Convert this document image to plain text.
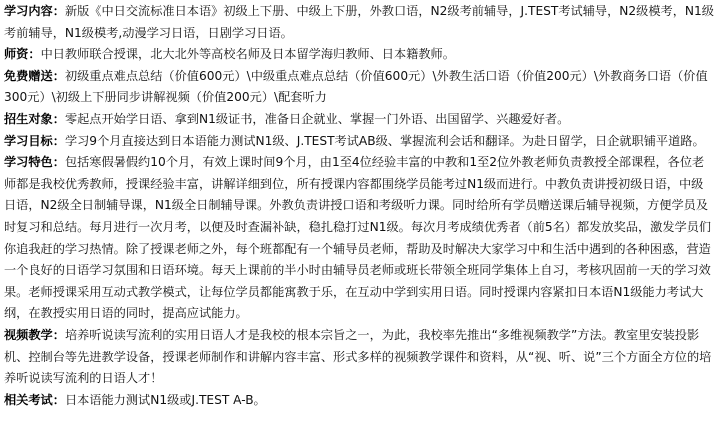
学习内容：新版《中日交流标准日本语》初级上下册、中级上下册，外教口语，N2级考前辅导，J.TEST考试辅导，N2级模考，N1级考前辅导，N1级模考,动漫学习日语，日剧学习日语。

师资：中日教师联合授课，北大北外等高校名师及日本留学海归教师、日本籍教师。

免费赠送：初级重点难点总结（价值600元）\中级重点难点总结（价值600元）\外教生活口语（价值200元）\外教商务口语（价值300元）\初级上下册同步讲解视频（价值200元）\配套听力

招生对象：零起点开始学日语、拿到N1级证书，准备日企就业、掌握一门外语、出国留学、兴趣爱好者。

学习目标：学习9个月直接达到日本语能力测试N1级、J.TEST考试AB级、掌握流利会话和翻译。为赴日留学，日企就职铺平道路。

学习特色：包括寒假暑假约10个月，有效上课时间9个月，由1至4位经验丰富的中教和1至2位外教老师负责教授全部课程，各位老师都是我校优秀教师，授课经验丰富，讲解详细到位，所有授课内容都围绕学员能考过N1级而进行。中教负责讲授初级日语，中级日语，N2级全日制辅导课，N1级全日制辅导课。外教负责讲授口语和考级听力课。同时给所有学员赠送课后辅导视频，方便学员及时复习和总结。每月进行一次月考，以便及时查漏补缺，稳扎稳打过N1级。每次月考成绩优秀者（前5名）都发放奖品，激发学员们你追我赶的学习热情。除了授课老师之外，每个班都配有一个辅导员老师，帮助及时解决大家学习中和生活中遇到的各种困惑，营造一个良好的日语学习氛围和日语环境。每天上课前的半小时由辅导员老师或班长带领全班同学集体上自习，考核巩固前一天的学习效果。老师授课采用互动式教学模式，让每位学员都能寓教于乐，在互动中学到实用日语。同时授课内容紧扣日本语N1级能力考试大纲，在教授实用日语的同时，提高应试能力。

视频教学：培养听说读写流利的实用日语人才是我校的根本宗旨之一，为此，我校率先推出“多维视频教学”方法。教室里安装投影机、控制台等先进教学设备，授课老师制作和讲解内容丰富、形式多样的视频教学课件和资料，从“视、听、说”三个方面全方位的培养听说读写流利的日语人才！

相关考试：日本语能力测试N1级或J.TEST A-B。
